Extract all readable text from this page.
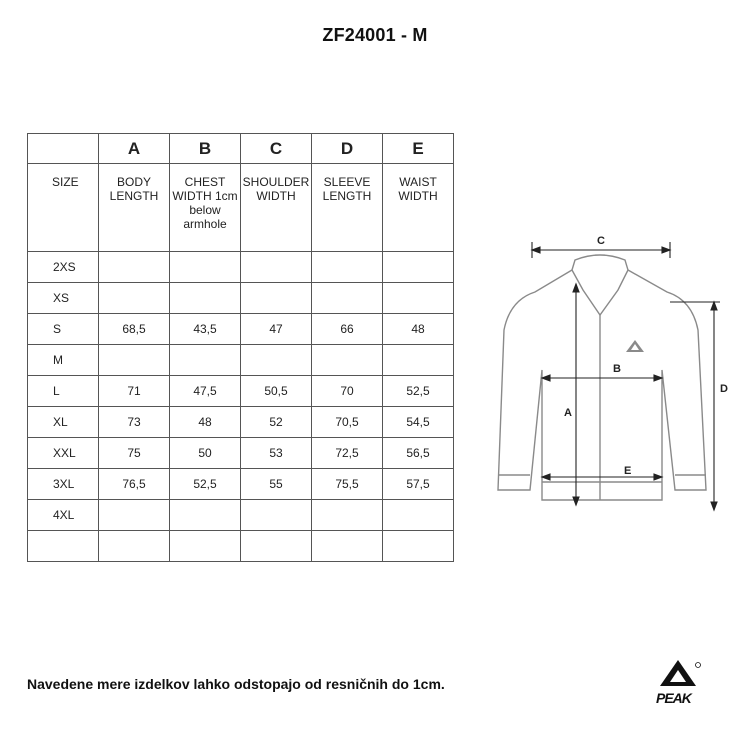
ZF24001 - M
	A	B	C	D	E
SIZE	BODY LENGTH	CHEST WIDTH 1cm below armhole	SHOULDER WIDTH	SLEEVE LENGTH	WAIST WIDTH
2XS					
XS					
S	68,5	43,5	47	66	48
M					
L	71	47,5	50,5	70	52,5
XL	73	48	52	70,5	54,5
XXL	75	50	53	72,5	56,5
3XL	76,5	52,5	55	75,5	57,5
4XL					

C
D
A
B
E
Navedene mere izdelkov lahko odstopajo od resničnih do 1cm.
PEAK
